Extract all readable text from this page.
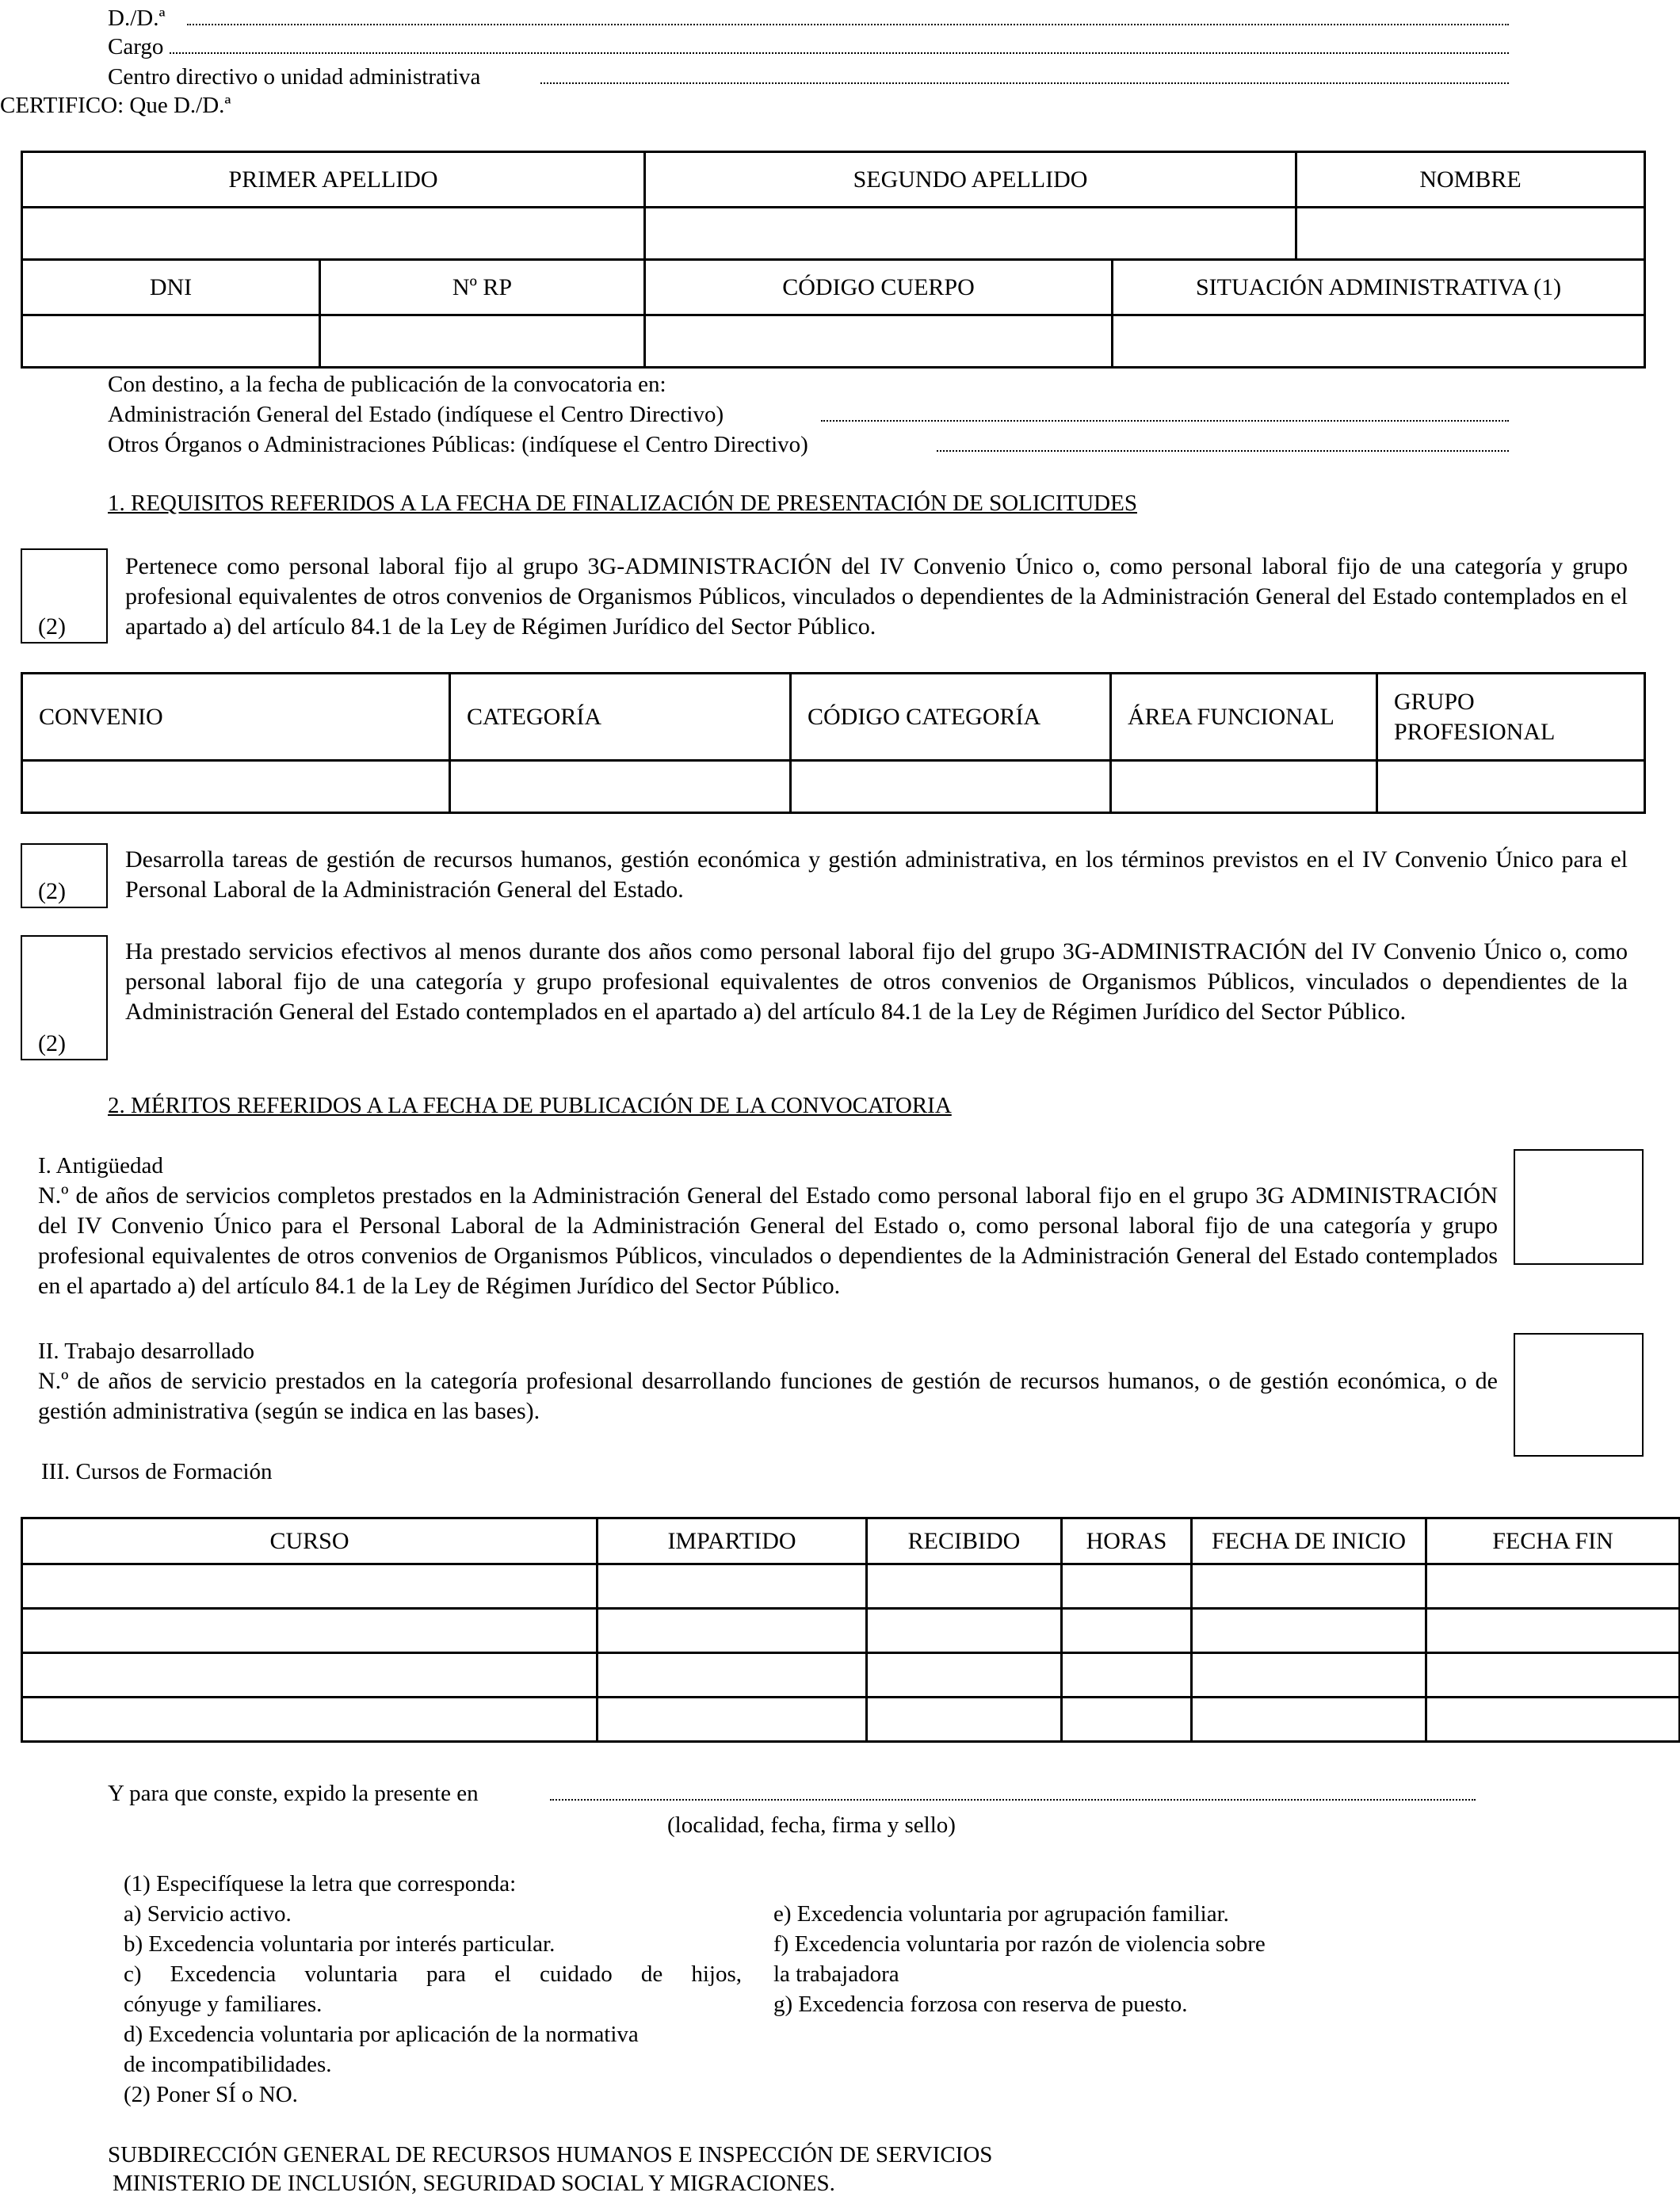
D./D.ª
Cargo
Centro directivo o unidad administrativa
CERTIFICO: Que D./D.ª
PRIMER APELLIDO		SEGUNDO APELLIDO		NOMBRE

DNI	Nº RP	CÓDIGO CUERPO	SITUACIÓN ADMINISTRATIVA (1)	

Con destino, a la fecha de publicación de la convocatoria en:
Administración General del Estado (indíquese el Centro Directivo)
Otros Órganos o Administraciones Públicas: (indíquese el Centro Directivo)
1. REQUISITOS REFERIDOS A LA FECHA DE FINALIZACIÓN DE PRESENTACIÓN DE SOLICITUDES
(2)
Pertenece como personal laboral fijo al grupo 3G-ADMINISTRACIÓN del IV Convenio Único o, como personal laboral fijo de una categoría y grupo profesional equivalentes de otros convenios de Organismos Públicos, vinculados o dependientes de la Administración General del Estado contemplados en el apartado a) del artículo 84.1 de la Ley de Régimen Jurídico del Sector Público.
CONVENIO	CATEGORÍA	CÓDIGO CATEGORÍA	ÁREA FUNCIONAL	GRUPO PROFESIONAL

(2)
Desarrolla tareas de gestión de recursos humanos, gestión económica y gestión administrativa, en los términos previstos en el IV Convenio Único para el Personal Laboral de la Administración General del Estado.
(2)
Ha prestado servicios efectivos al menos durante dos años como personal laboral fijo del grupo 3G-ADMINISTRACIÓN del IV Convenio Único o, como personal laboral fijo de una categoría y grupo profesional equivalentes de otros convenios de Organismos Públicos, vinculados o dependientes de la Administración General del Estado contemplados en el apartado a) del artículo 84.1 de la Ley de Régimen Jurídico del Sector Público.
2. MÉRITOS REFERIDOS A LA FECHA DE PUBLICACIÓN DE LA CONVOCATORIA
I. Antigüedad
N.º de años de servicios completos prestados en la Administración General del Estado como personal laboral fijo en el grupo 3G ADMINISTRACIÓN del IV Convenio Único para el Personal Laboral de la Administración General del Estado o, como personal laboral fijo de una categoría y grupo profesional equivalentes de otros convenios de Organismos Públicos, vinculados o dependientes de la Administración General del Estado contemplados en el apartado a) del artículo 84.1 de la Ley de Régimen Jurídico del Sector Público.
II. Trabajo desarrollado
N.º de años de servicio prestados en la categoría profesional desarrollando funciones de gestión de recursos humanos, o de gestión económica, o de gestión administrativa (según se indica en las bases).
III. Cursos de Formación
CURSO	IMPARTIDO	RECIBIDO	HORAS	FECHA DE INICIO	FECHA FIN

Y para que conste, expido la presente en
(localidad, fecha, firma y sello)
(1) Especifíquese la letra que corresponda:
a) Servicio activo.
b) Excedencia voluntaria por interés particular.
c) Excedencia voluntaria para el cuidado de hijos,
cónyuge y familiares.
d) Excedencia voluntaria por aplicación de la normativa
de incompatibilidades.
(2) Poner SÍ o NO.
e) Excedencia voluntaria por agrupación familiar.
f) Excedencia voluntaria por razón de violencia sobre
la trabajadora
g) Excedencia forzosa con reserva de puesto.
SUBDIRECCIÓN GENERAL DE RECURSOS HUMANOS E INSPECCIÓN DE SERVICIOS
MINISTERIO DE INCLUSIÓN, SEGURIDAD SOCIAL Y MIGRACIONES.
